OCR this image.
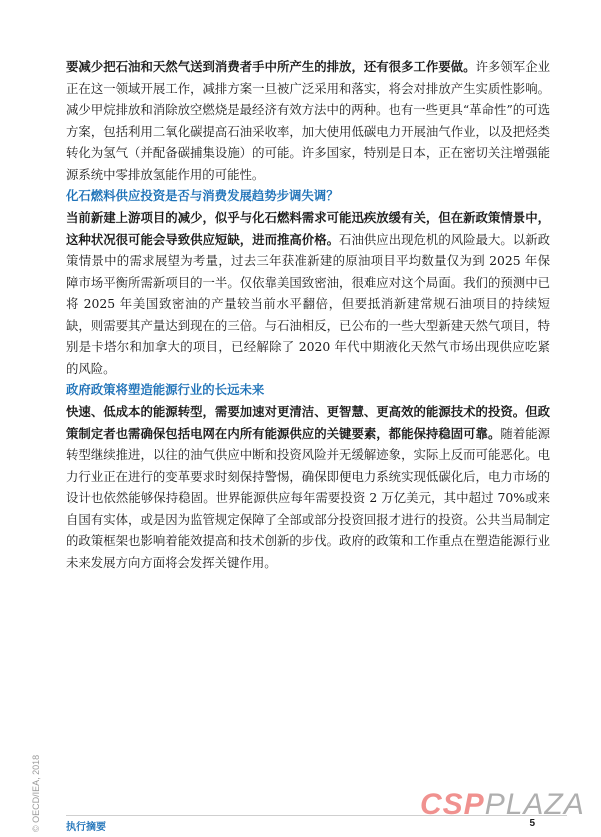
要减少把石油和天然气送到消费者手中所产生的排放，还有很多工作要做。许多领军企业正在这一领域开展工作，减排方案一旦被广泛采用和落实，将会对排放产生实质性影响。减少甲烷排放和消除放空燃烧是最经济有效方法中的两种。也有一些更具“革命性”的可选方案，包括利用二氧化碳提高石油采收率，加大使用低碳电力开展油气作业，以及把烃类转化为氢气（并配备碳捕集设施）的可能。许多国家，特别是日本，正在密切关注增强能源系统中零排放氢能作用的可能性。

化石燃料供应投资是否与消费发展趋势步调失调？

当前新建上游项目的减少，似乎与化石燃料需求可能迅疾放缓有关，但在新政策情景中，这种状况很可能会导致供应短缺，进而推高价格。石油供应出现危机的风险最大。以新政策情景中的需求展望为考量，过去三年获准新建的原油项目平均数量仅为到 2025 年保障市场平衡所需新项目的一半。仅依靠美国致密油，很难应对这个局面。我们的预测中已将 2025 年美国致密油的产量较当前水平翻倍，但要抵消新建常规石油项目的持续短缺，则需要其产量达到现在的三倍。与石油相反，已公布的一些大型新建天然气项目，特别是卡塔尔和加拿大的项目，已经解除了 2020 年代中期液化天然气市场出现供应吃紧的风险。

政府政策将塑造能源行业的长远未来

快速、低成本的能源转型，需要加速对更清洁、更智慧、更高效的能源技术的投资。但政策制定者也需确保包括电网在内所有能源供应的关键要素，都能保持稳固可靠。随着能源转型继续推进，以往的油气供应中断和投资风险并无缓解迹象，实际上反而可能恶化。电力行业正在进行的变革要求时刻保持警惕，确保即便电力系统实现低碳化后，电力市场的设计也依然能够保持稳固。世界能源供应每年需要投资 2 万亿美元，其中超过 70%或来自国有实体，或是因为监管规定保障了全部或部分投资回报才进行的投资。公共当局制定的政策框架也影响着能效提高和技术创新的步伐。政府的政策和工作重点在塑造能源行业未来发展方向方面将会发挥关键作用。

© OECD/IEA, 2018	执行摘要	5
CSPPLAZA
